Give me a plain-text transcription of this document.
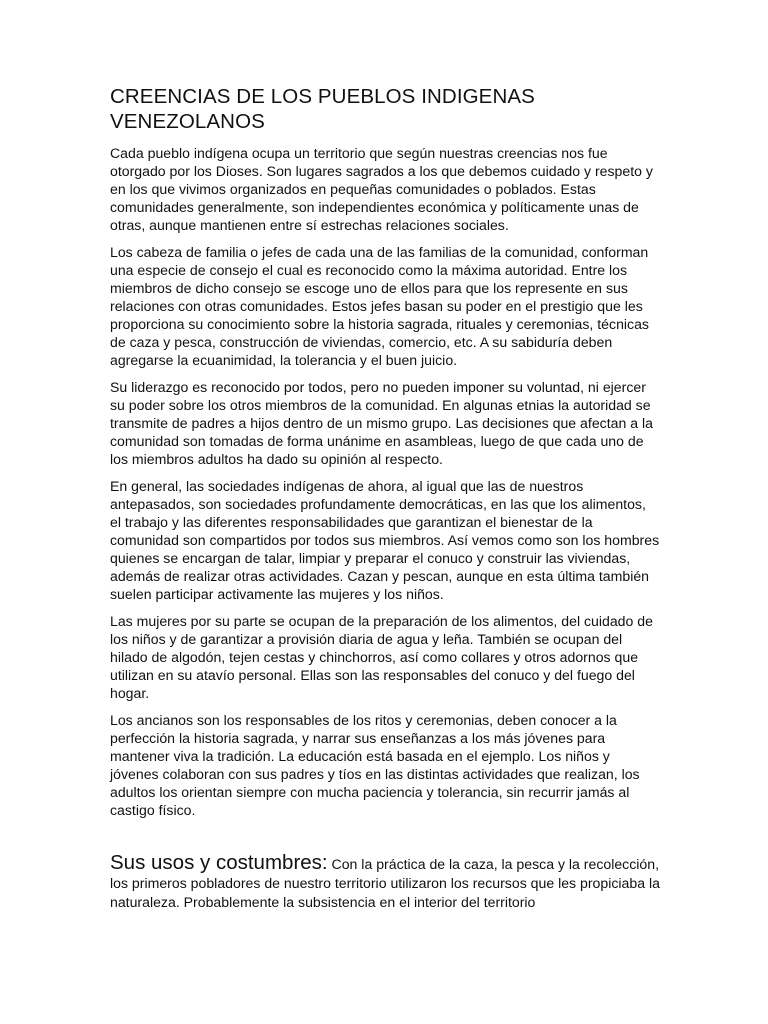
CREENCIAS DE LOS PUEBLOS INDIGENAS
VENEZOLANOS

Cada pueblo indígena ocupa un territorio que según nuestras creencias nos fue otorgado por los Dioses. Son lugares sagrados a los que debemos cuidado y respeto y en los que vivimos organizados en pequeñas comunidades o poblados. Estas comunidades generalmente, son independientes económica y políticamente unas de otras, aunque mantienen entre sí estrechas relaciones sociales.

Los cabeza de familia o jefes de cada una de las familias de la comunidad, conforman una especie de consejo el cual es reconocido como la máxima autoridad. Entre los miembros de dicho consejo se escoge uno de ellos para que los represente en sus relaciones con otras comunidades. Estos jefes basan su poder en el prestigio que les proporciona su conocimiento sobre la historia sagrada, rituales y ceremonias, técnicas de caza y pesca, construcción de viviendas, comercio, etc. A su sabiduría deben agregarse la ecuanimidad, la tolerancia y el buen juicio.

Su liderazgo es reconocido por todos, pero no pueden imponer su voluntad, ni ejercer su poder sobre los otros miembros de la comunidad. En algunas etnias la autoridad se transmite de padres a hijos dentro de un mismo grupo. Las decisiones que afectan a la comunidad son tomadas de forma unánime en asambleas, luego de que cada uno de los miembros adultos ha dado su opinión al respecto.

En general, las sociedades indígenas de ahora, al igual que las de nuestros antepasados, son sociedades profundamente democráticas, en las que los alimentos, el trabajo y las diferentes responsabilidades que garantizan el bienestar de la comunidad son compartidos por todos sus miembros. Así vemos como son los hombres quienes se encargan de talar, limpiar y preparar el conuco y construir las viviendas, además de realizar otras actividades. Cazan y pescan, aunque en esta última también suelen participar activamente las mujeres y los niños.

Las mujeres por su parte se ocupan de la preparación de los alimentos, del cuidado de los niños y de garantizar a provisión diaria de agua y leña. También se ocupan del hilado de algodón, tejen cestas y chinchorros, así como collares y otros adornos que utilizan en su atavío personal. Ellas son las responsables del conuco y del fuego del hogar.

Los ancianos son los responsables de los ritos y ceremonias, deben conocer a la perfección la historia sagrada, y narrar sus enseñanzas a los más jóvenes para mantener viva la tradición. La educación está basada en el ejemplo. Los niños y jóvenes colaboran con sus padres y tíos en las distintas actividades que realizan, los adultos los orientan siempre con mucha paciencia y tolerancia, sin recurrir jamás al castigo físico.

Sus usos y costumbres: Con la práctica de la caza, la pesca y la recolección, los primeros pobladores de nuestro territorio utilizaron los recursos que les propiciaba la naturaleza. Probablemente la subsistencia en el interior del territorio
